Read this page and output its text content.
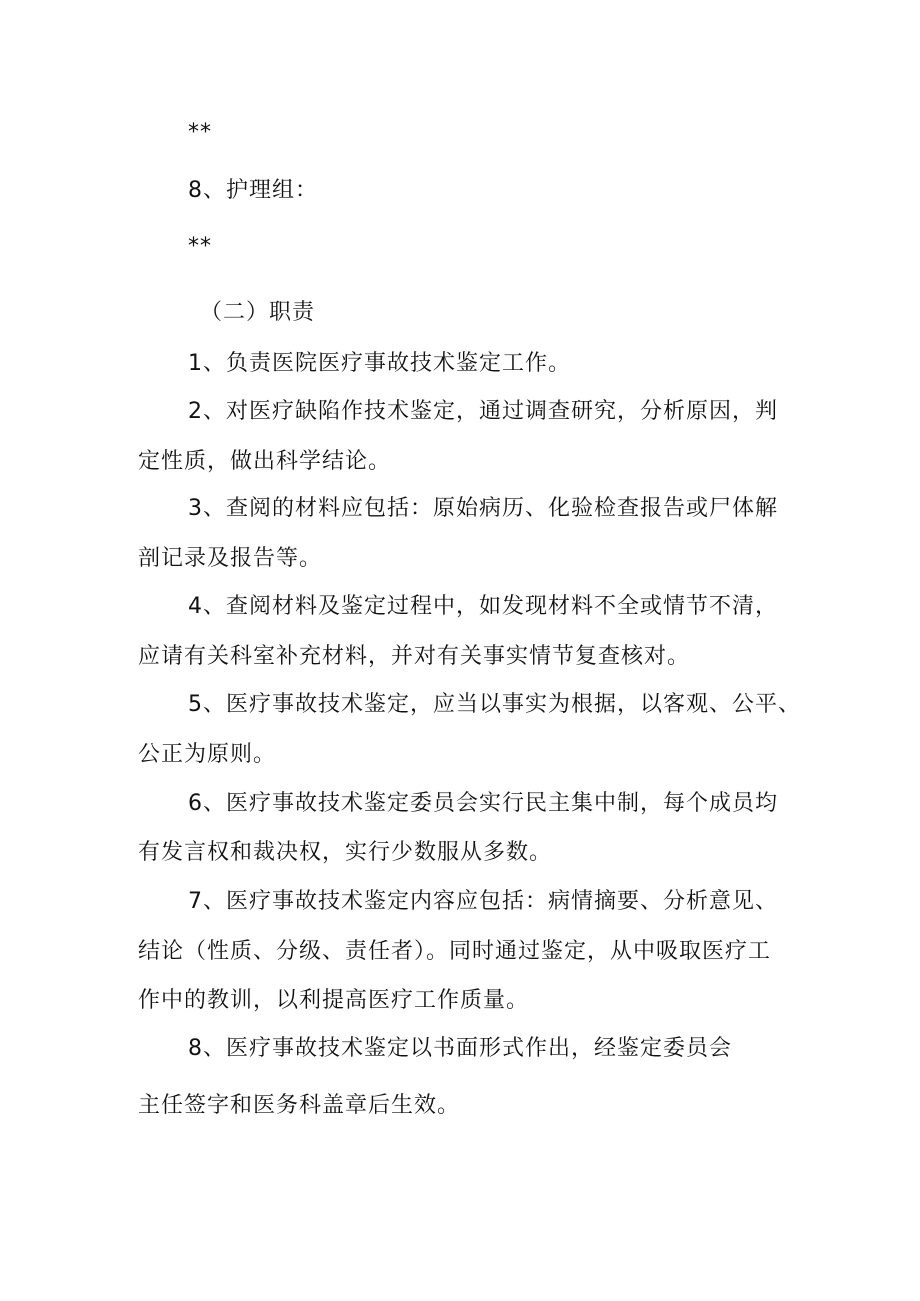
**
8、护理组：
**
（二）职责
1、负责医院医疗事故技术鉴定工作。
2、对医疗缺陷作技术鉴定，通过调查研究，分析原因，判
定性质，做出科学结论。
3、查阅的材料应包括：原始病历、化验检查报告或尸体解
剖记录及报告等。
4、查阅材料及鉴定过程中，如发现材料不全或情节不清，
应请有关科室补充材料，并对有关事实情节复查核对。
5、医疗事故技术鉴定，应当以事实为根据，以客观、公平、
公正为原则。
6、医疗事故技术鉴定委员会实行民主集中制，每个成员均
有发言权和裁决权，实行少数服从多数。
7、医疗事故技术鉴定内容应包括：病情摘要、分析意见、
结论（性质、分级、责任者）。同时通过鉴定，从中吸取医疗工
作中的教训，以利提高医疗工作质量。
8、医疗事故技术鉴定以书面形式作出，经鉴定委员会
主任签字和医务科盖章后生效。
